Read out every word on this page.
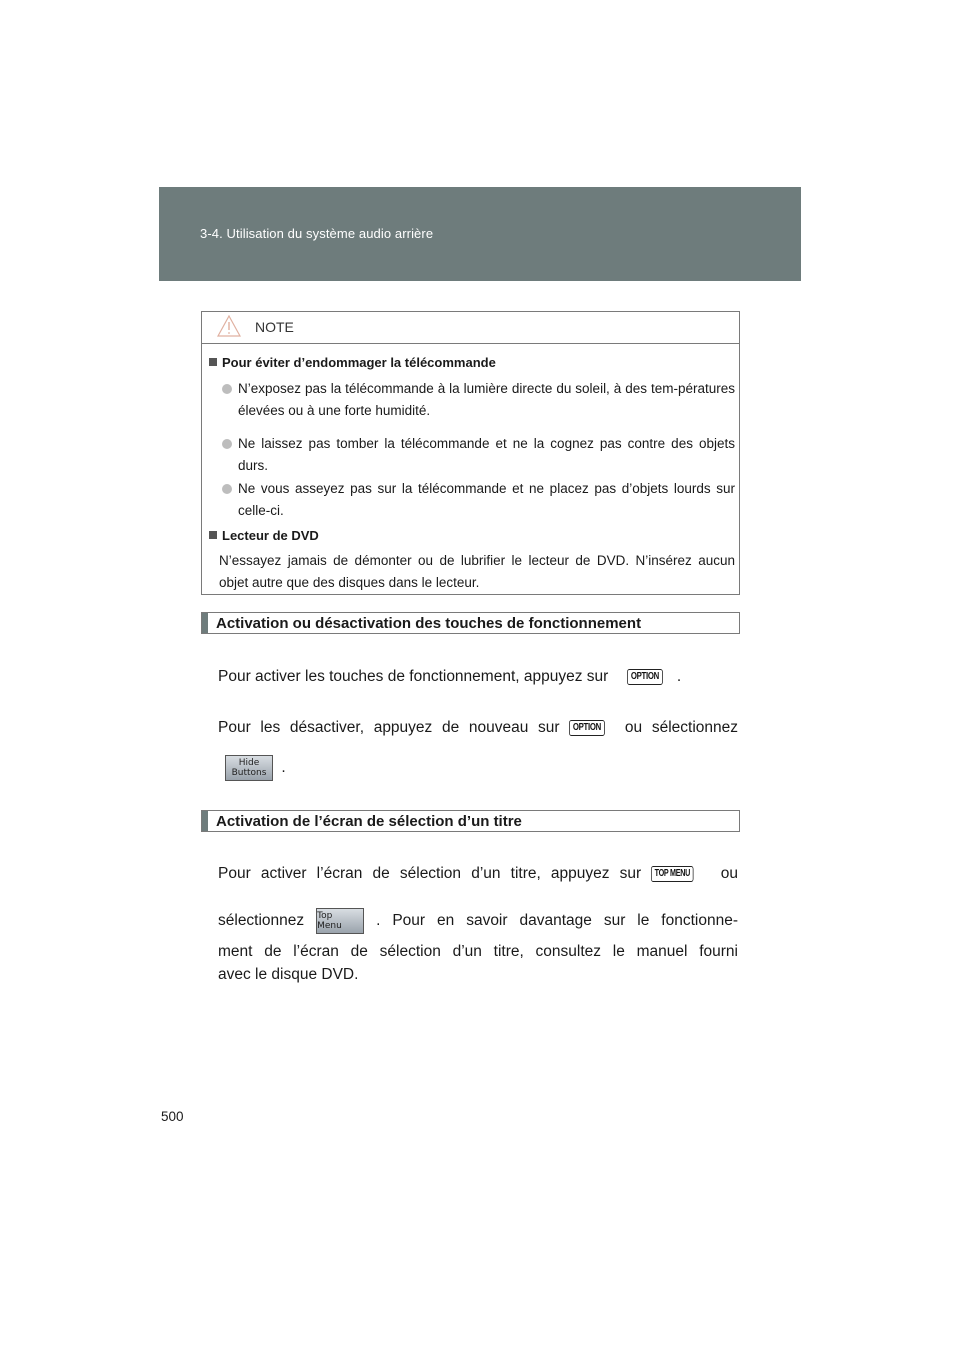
3-4. Utilisation du système audio arrière
NOTE
Pour éviter d’endommager la télécommande
N’exposez pas la télécommande à la lumière directe du soleil, à des tem-pératures élevées ou à une forte humidité.
Ne laissez pas tomber la télécommande et ne la cognez pas contre des objets durs.
Ne vous asseyez pas sur la télécommande et ne placez pas d’objets lourds sur celle-ci.
Lecteur de DVD
N’essayez jamais de démonter ou de lubrifier le lecteur de DVD. N’insérez aucun objet autre que des disques dans le lecteur.
Activation ou désactivation des touches de fonctionnement
Pour activer les touches de fonctionnement, appuyez sur OPTION .
Pour les désactiver, appuyez de nouveau sur OPTION ou sélectionnez
Hide
Buttons .
Activation de l’écran de sélection d’un titre
Pour activer l’écran de sélection d’un titre, appuyez sur TOP MENU ou
sélectionnez Top
Menu	. Pour en savoir davantage sur le fonctionne-
ment de l’écran de sélection d’un titre, consultez le manuel fourni
avec le disque DVD.
500
